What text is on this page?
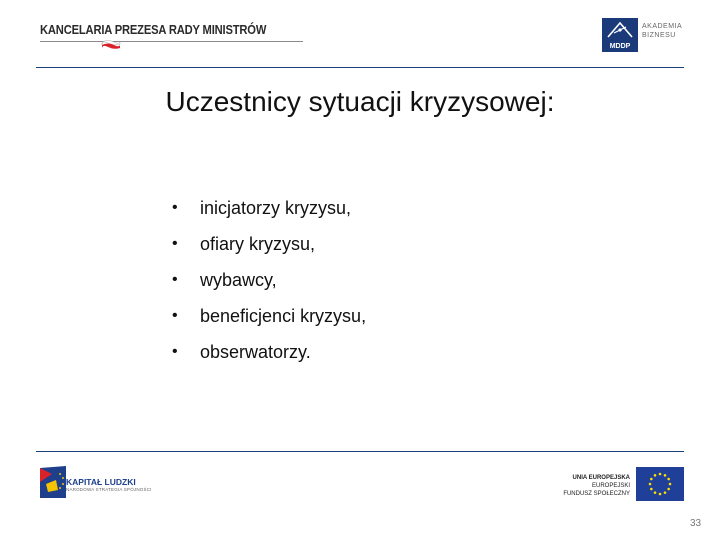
KANCELARIA PREZESA RADY MINISTRÓW
MDDP
AKADEMIA
BIZNESU
Uczestnicy sytuacji kryzysowej:
•	inicjatorzy kryzysu,
•	ofiary kryzysu,
•	wybawcy,
•	beneficjenci kryzysu,
•	obserwatorzy.
KAPITAŁ LUDZKI
NARODOWA STRATEGIA SPÓJNOŚCI
UNIA EUROPEJSKA
EUROPEJSKI
FUNDUSZ SPOŁECZNY
33
